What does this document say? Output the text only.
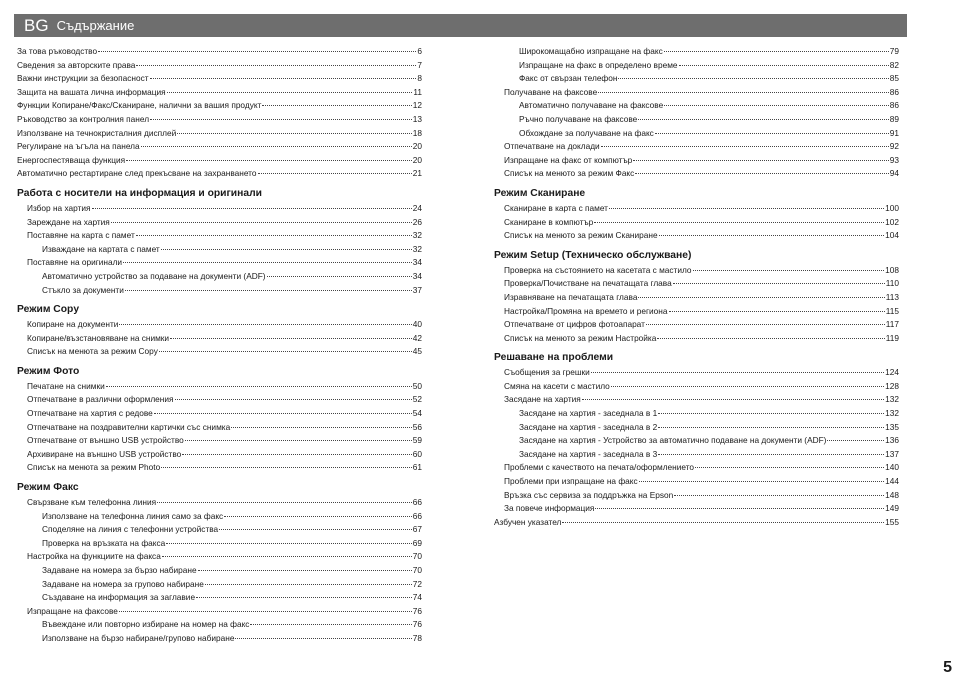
BG Съдържание
За това ръководство	6
Сведения за авторските права	7
Важни инструкции за безопасност	8
Защита на вашата лична информация	11
Функции Копиране/Факс/Сканиране, налични за вашия продукт	12
Ръководство за контролния панел	13
Използване на течнокристалния дисплей	18
Регулиране на ъгъла на панела	20
Енергоспестяваща функция	20
Автоматично рестартиране след прекъсване на захранването	21
Работа с носители на информация и оригинали
Избор на хартия	24
Зареждане на хартия	26
Поставяне на карта с памет	32
Изваждане на картата с памет	32
Поставяне на оригинали	34
Автоматично устройство за подаване на документи (ADF)	34
Стъкло за документи	37
Режим Copy
Копиране на документи	40
Копиране/възстановяване на снимки	42
Списък на менюта за режим Copy	45
Режим Фото
Печатане на снимки	50
Отпечатване в различни оформления	52
Отпечатване на хартия с редове	54
Отпечатване на поздравителни картички със снимка	56
Отпечатване от външно USB устройство	59
Архивиране на външно USB устройство	60
Списък на менюта за режим Photo	61
Режим Факс
Свързване към телефонна линия	66
Използване на телефонна линия само за факс	66
Споделяне на линия с телефонни устройства	67
Проверка на връзката на факса	69
Настройка на функциите на факса	70
Задаване на номера за бързо набиране	70
Задаване на номера за групово набиране	72
Създаване на информация за заглавие	74
Изпращане на факсове	76
Въвеждане или повторно избиране на номер на факс	76
Използване на бързо набиране/групово набиране	78
Широкомащабно изпращане на факс	79
Изпращане на факс в определено време	82
Факс от свързан телефон	85
Получаване на факсове	86
Автоматично получаване на факсове	86
Ръчно получаване на факсове	89
Обхождане за получаване на факс	91
Отпечатване на доклади	92
Изпращане на факс от компютър	93
Списък на менюто за режим Факс	94
Режим Сканиране
Сканиране в карта с памет	100
Сканиране в компютър	102
Списък на менюто за режим Сканиране	104
Режим Setup (Техническо обслужване)
Проверка на състоянието на касетата с мастило	108
Проверка/Почистване на печатащата глава	110
Изравняване на печатащата глава	113
Настройка/Промяна на времето и региона	115
Отпечатване от цифров фотоапарат	117
Списък на менюто за режим Настройка	119
Решаване на проблеми
Съобщения за грешки	124
Смяна на касети с мастило	128
Засядане на хартия	132
Засядане на хартия - заседнала в 1	132
Засядане на хартия - заседнала в 2	135
Засядане на хартия - Устройство за автоматично подаване на документи (ADF)	136
Засядане на хартия - заседнала в 3	137
Проблеми с качеството на печата/оформлението	140
Проблеми при изпращане на факс	144
Връзка със сервиза за поддръжка на Epson	148
За повече информация	149
Азбучен указател	155
5
